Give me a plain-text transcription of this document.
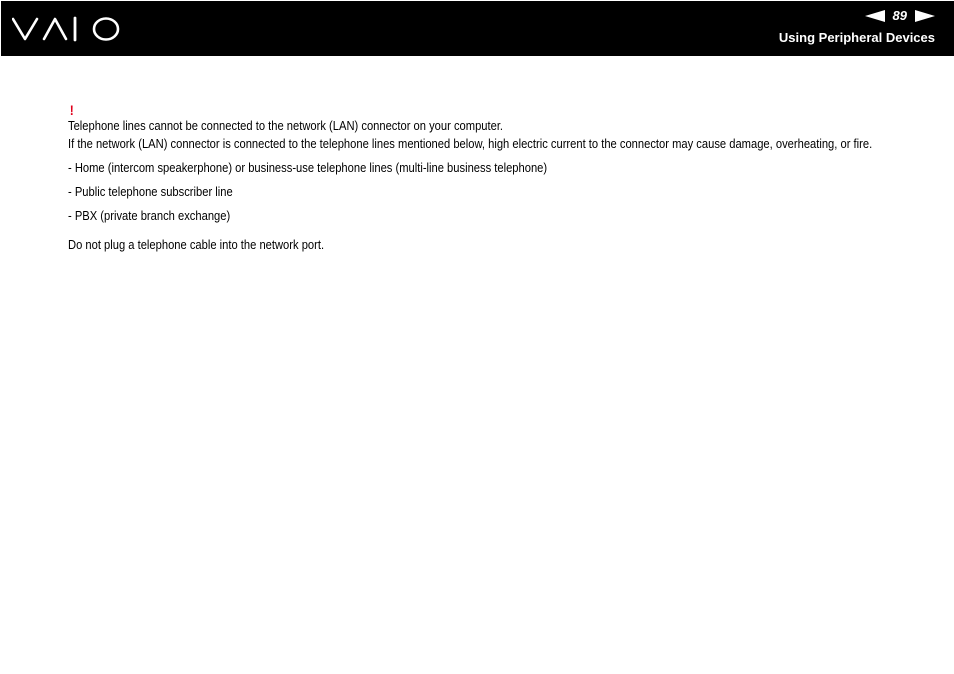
89
Using Peripheral Devices
!

Telephone lines cannot be connected to the network (LAN) connector on your computer.

If the network (LAN) connector is connected to the telephone lines mentioned below, high electric current to the connector may cause damage, overheating, or fire.

- Home (intercom speakerphone) or business-use telephone lines (multi-line business telephone)
- Public telephone subscriber line
- PBX (private branch exchange)

Do not plug a telephone cable into the network port.
